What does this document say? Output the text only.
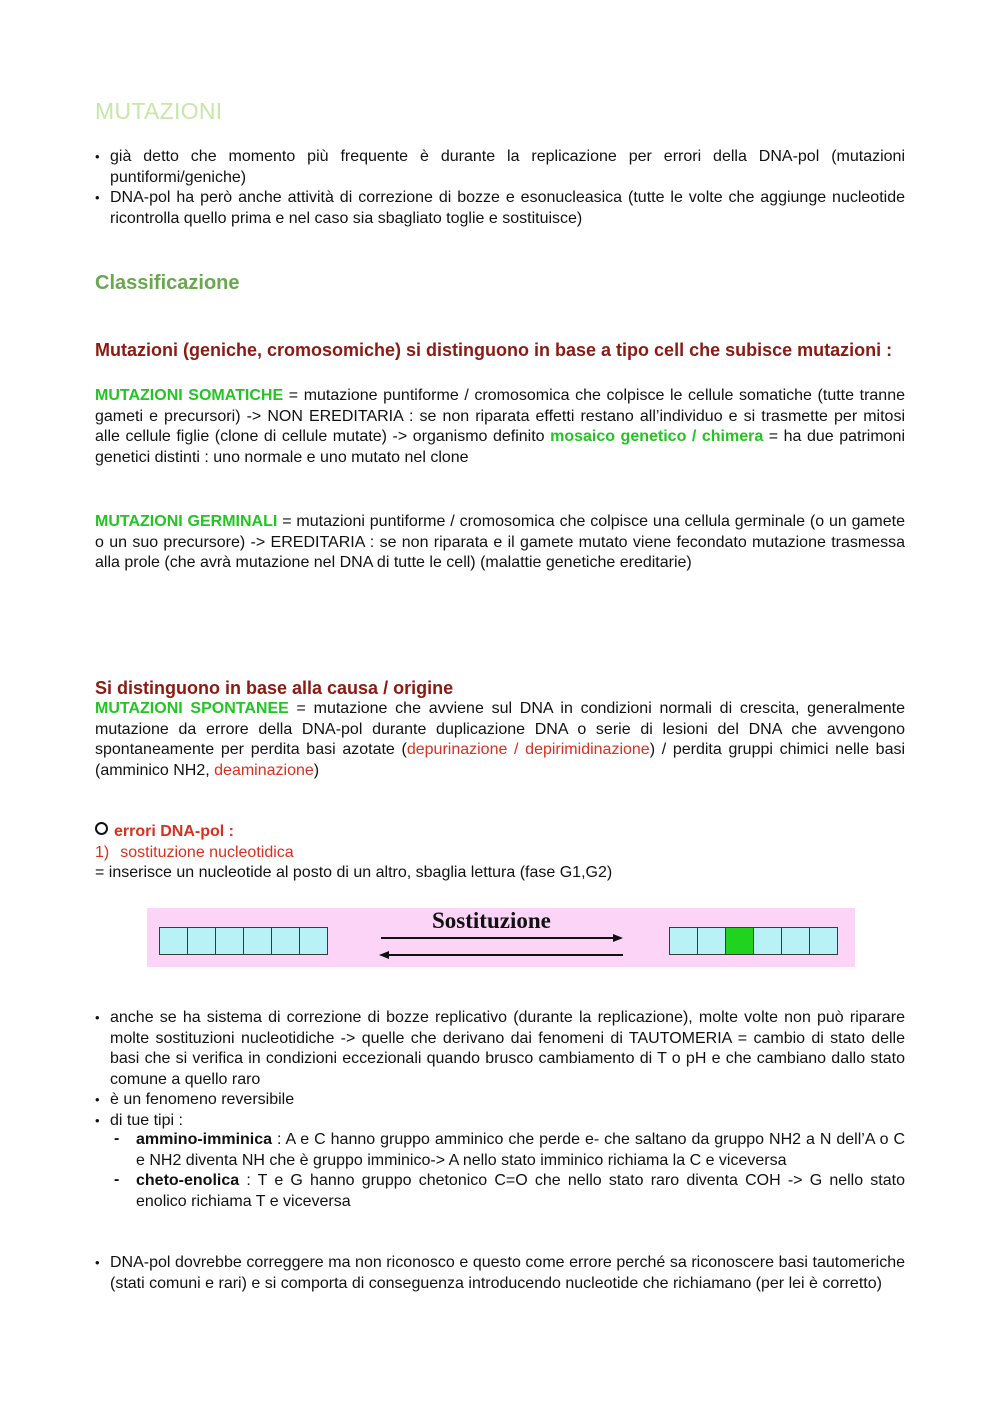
MUTAZIONI
• già detto che momento più frequente è durante la replicazione per errori della DNA-pol (mutazioni puntiformi/geniche)
• DNA-pol ha però anche attività di correzione di bozze e esonucleasica (tutte le volte che aggiunge nucleotide ricontrolla quello prima e nel caso sia sbagliato toglie e sostituisce)
Classificazione
Mutazioni (geniche, cromosomiche) si distinguono in base a tipo cell che subisce mutazioni :

MUTAZIONI SOMATICHE = mutazione puntiforme / cromosomica che colpisce le cellule somatiche (tutte tranne gameti e precursori) -> NON EREDITARIA : se non riparata effetti restano all’individuo e si trasmette per mitosi alle cellule figlie (clone di cellule mutate) -> organismo definito mosaico genetico / chimera = ha due patrimoni genetici distinti : uno normale e uno mutato nel clone

MUTAZIONI GERMINALI = mutazioni puntiforme / cromosomica che colpisce una cellula germinale (o un gamete o un suo precursore) -> EREDITARIA : se non riparata e il gamete mutato viene fecondato mutazione trasmessa alla prole (che avrà mutazione nel DNA di tutte le cell) (malattie genetiche ereditarie)

Si distinguono in base alla causa / origine

MUTAZIONI SPONTANEE = mutazione che avviene sul DNA in condizioni normali di crescita, generalmente mutazione da errore della DNA-pol durante duplicazione DNA o serie di lesioni del DNA che avvengono spontaneamente per perdita basi azotate (depurinazione / depirimidinazione) / perdita gruppi chimici nelle basi (amminico NH2, deaminazione)

errori DNA-pol :
1) sostituzione nucleotidica
= inserisce un nucleotide al posto di un altro, sbaglia lettura (fase G1,G2)
Sostituzione
• anche se ha sistema di correzione di bozze replicativo (durante la replicazione), molte volte non può riparare molte sostituzioni nucleotidiche -> quelle che derivano dai fenomeni di TAUTOMERIA = cambio di stato delle basi che si verifica in condizioni eccezionali quando brusco cambiamento di T o pH e che cambiano dallo stato comune a quello raro
• è un fenomeno reversibile
• di tue tipi :
- ammino-imminica : A e C hanno gruppo amminico che perde e- che saltano da gruppo NH2 a N dell’A o C e NH2 diventa NH che è gruppo imminico-> A nello stato imminico richiama la C e viceversa
- cheto-enolica : T e G hanno gruppo chetonico C=O che nello stato raro diventa COH -> G nello stato enolico richiama T e viceversa
• DNA-pol dovrebbe correggere ma non riconosco e questo come errore perché sa riconoscere basi tautomeriche (stati comuni e rari) e si comporta di conseguenza introducendo nucleotide che richiamano (per lei è corretto)
